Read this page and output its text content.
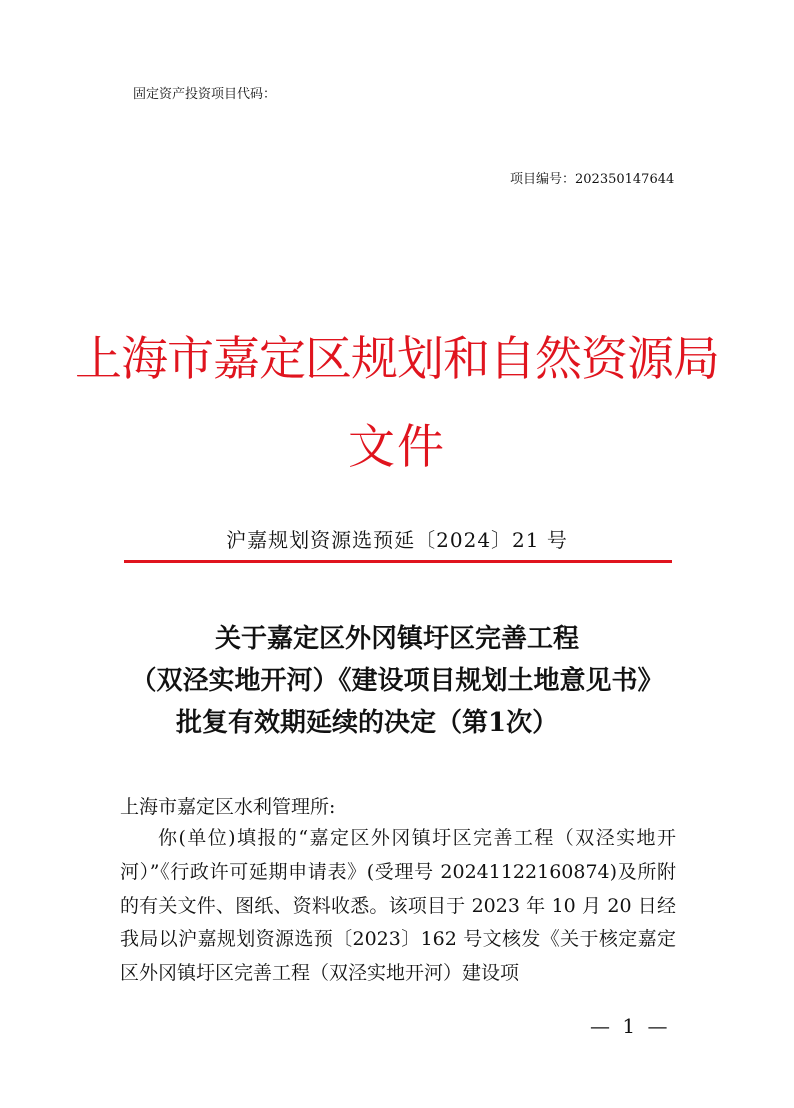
固定资产投资项目代码：
项目编号：202350147644
上海市嘉定区规划和自然资源局
文件
沪嘉规划资源选预延〔2024〕21 号
关于嘉定区外冈镇圩区完善工程
（双泾实地开河）《建设项目规划土地意见书》
批复有效期延续的决定（第1次）
上海市嘉定区水利管理所:
你(单位)填报的“嘉定区外冈镇圩区完善工程（双泾实地开河）”《行政许可延期申请表》(受理号 20241122160874)及所附的有关文件、图纸、资料收悉。该项目于 2023 年 10 月 20 日经我局以沪嘉规划资源选预〔2023〕162 号文核发《关于核定嘉定区外冈镇圩区完善工程（双泾实地开河）建设项
— 1 —
